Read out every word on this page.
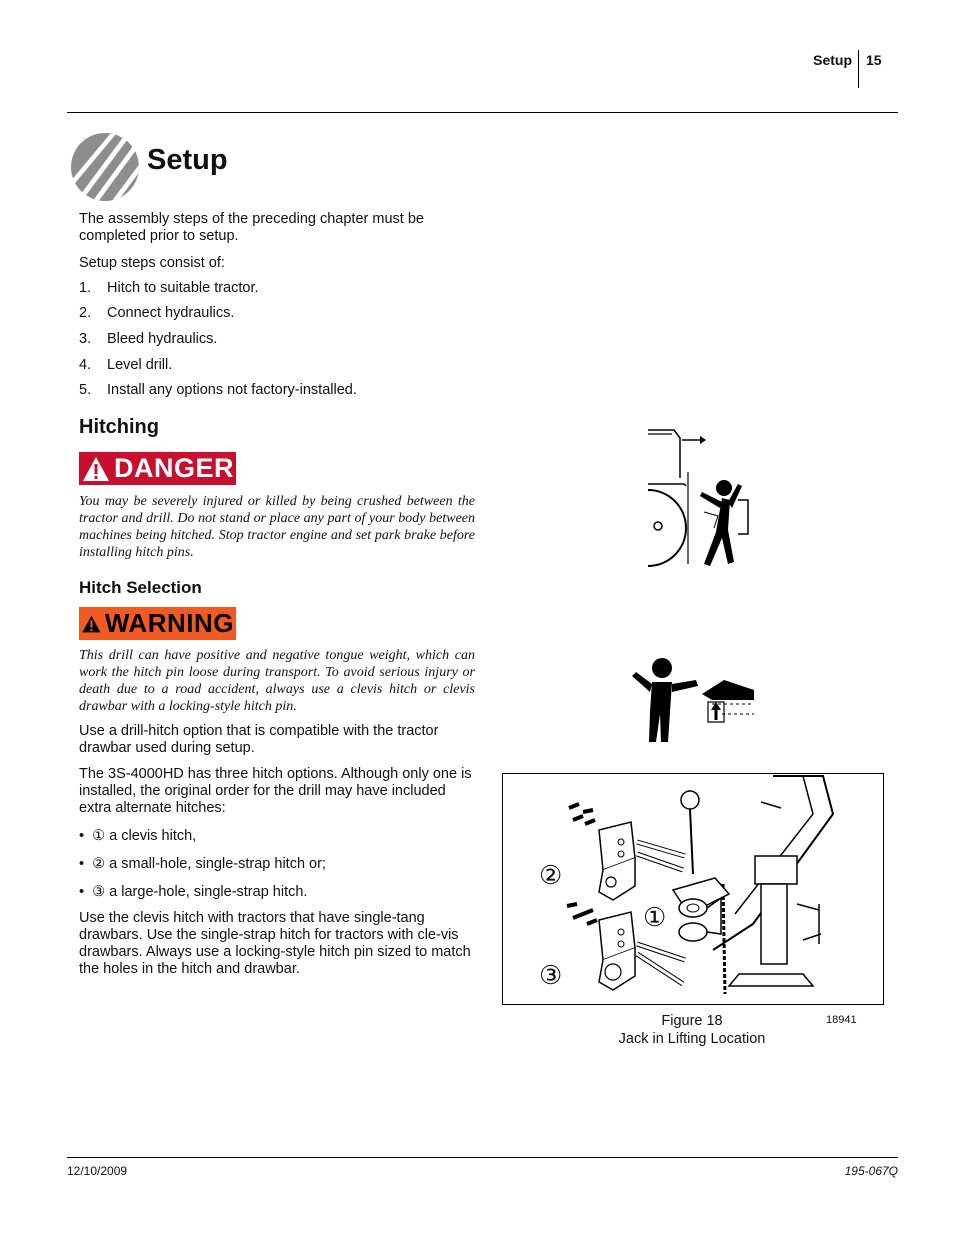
Setup 15
Setup
The assembly steps of the preceding chapter must be completed prior to setup.
Setup steps consist of:
1. Hitch to suitable tractor.
2. Connect hydraulics.
3. Bleed hydraulics.
4. Level drill.
5. Install any options not factory-installed.
Hitching
DANGER
You may be severely injured or killed by being crushed between the tractor and drill. Do not stand or place any part of your body between machines being hitched. Stop tractor engine and set park brake before installing hitch pins.
Hitch Selection
WARNING
This drill can have positive and negative tongue weight, which can work the hitch pin loose during transport. To avoid serious injury or death due to a road accident, always use a clevis hitch or clevis drawbar with a locking-style hitch pin.
Use a drill-hitch option that is compatible with the tractor drawbar used during setup.
The 3S-4000HD has three hitch options. Although only one is installed, the original order for the drill may have included extra alternate hitches:
• ① a clevis hitch,
• ② a small-hole, single-strap hitch or;
• ③ a large-hole, single-strap hitch.
Use the clevis hitch with tractors that have single-tang drawbars. Use the single-strap hitch for tractors with cle-vis drawbars. Always use a locking-style hitch pin sized to match the holes in the hitch and drawbar.
①
②
③
Figure 18
Jack in Lifting Location
18941
12/10/2009	195-067Q
